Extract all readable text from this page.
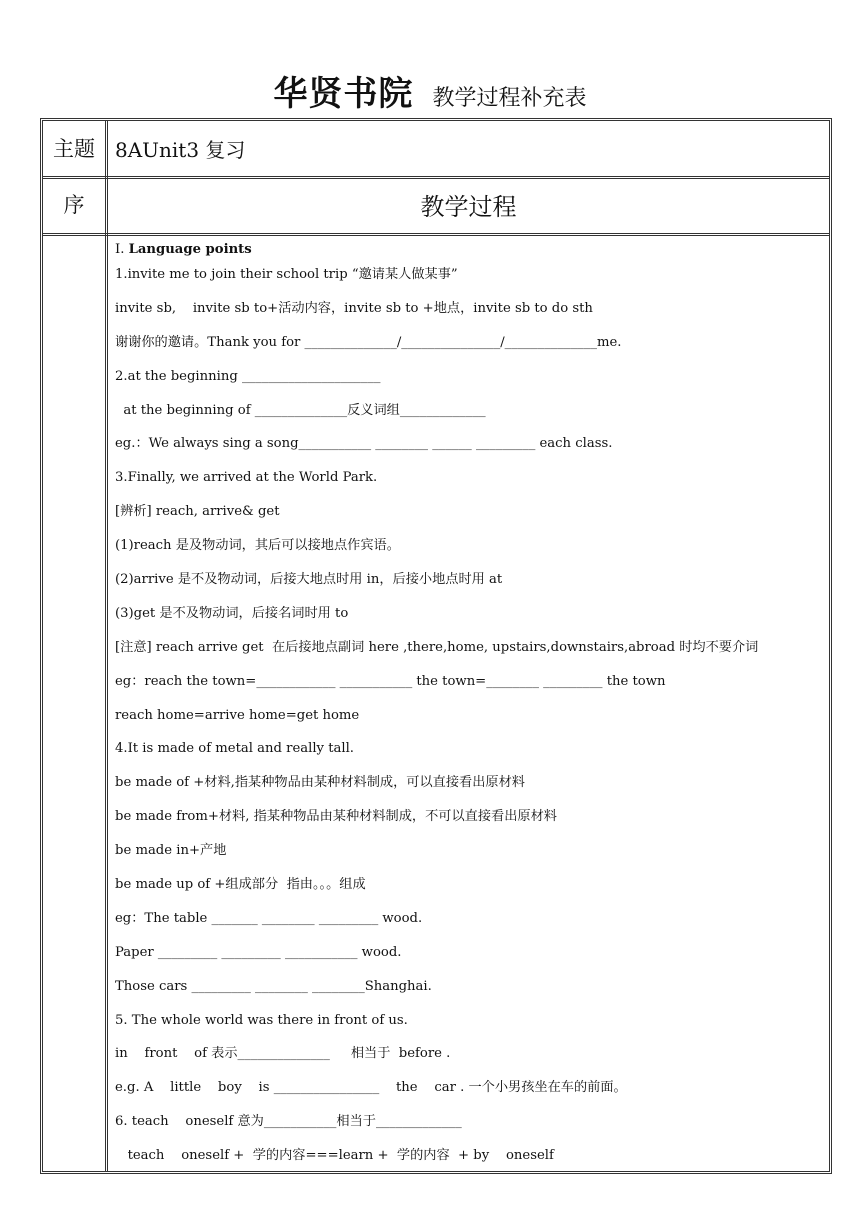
华贤书院 教学过程补充表
主题	8AUnit3 复习
序	教学过程
I. Language points
1.invite me to join their school trip “邀请某人做某事”
invite sb,    invite sb to+活动内容，invite sb to +地点，invite sb to do sth
谢谢你的邀请。Thank you for ______________/_______________/______________me.
2.at the beginning _____________________
at the beginning of ______________反义词组_____________
eg.：We always sing a song___________ ________ ______ _________ each class.
3.Finally, we arrived at the World Park.
[辨析] reach, arrive& get
(1)reach 是及物动词，其后可以接地点作宾语。
(2)arrive 是不及物动词，后接大地点时用 in，后接小地点时用 at
(3)get 是不及物动词，后接名词时用 to
[注意] reach arrive get  在后接地点副词 here ,there,home, upstairs,downstairs,abroad 时均不要介词
eg：reach the town=____________ ___________ the town=________ _________ the town
reach home=arrive home=get home
4.It is made of metal and really tall.
be made of +材料,指某种物品由某种材料制成，可以直接看出原材料
be made from+材料, 指某种物品由某种材料制成，不可以直接看出原材料
be made in+产地
be made up of +组成部分  指由。。。组成
eg：The table _______ ________ _________ wood.
Paper _________ _________ ___________ wood.
Those cars _________ ________ ________Shanghai.
5. The whole world was there in front of us.
in    front    of 表示______________     相当于  before .
e.g. A    little    boy    is ________________    the    car . 一个小男孩坐在车的前面。
6. teach    oneself 意为___________相当于_____________
teach    oneself +  学的内容===learn +  学的内容  + by    oneself
